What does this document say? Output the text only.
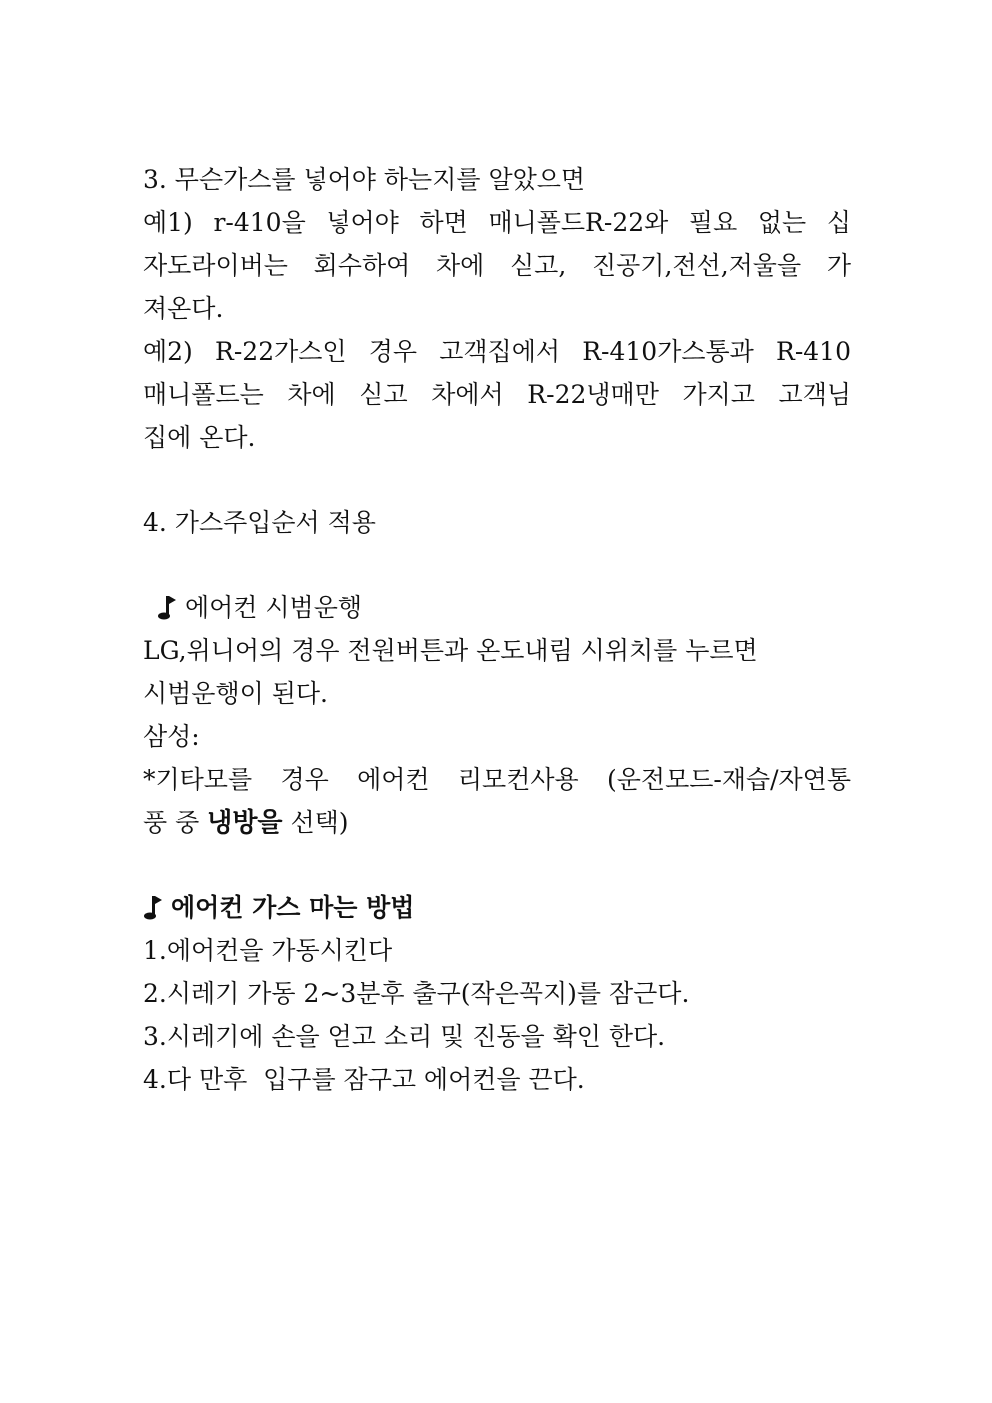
3. 무슨가스를 넣어야 하는지를 알았으면
예1) r-410을 넣어야 하면 매니폴드R-22와 필요 없는 십
자도라이버는 회수하여 차에 싣고, 진공기,전선,저울을 가
져온다.
예2) R-22가스인 경우 고객집에서 R-410가스통과 R-410
매니폴드는 차에 싣고 차에서 R-22냉매만 가지고 고객님
집에 온다.
4. 가스주입순서 적용
에어컨 시범운행
LG,위니어의 경우 전원버튼과 온도내림 시위치를 누르면
시범운행이 된다.
삼성:
*기타모를 경우 에어컨 리모컨사용 (운전모드-재습/자연통
풍 중 냉방을 선택)
에어컨 가스 마는 방법
1.에어컨을 가동시킨다
2.시레기 가동 2~3분후 출구(작은꼭지)를 잠근다.
3.시레기에 손을 얻고 소리 및 진동을 확인 한다.
4.다 만후  입구를 잠구고 에어컨을 끈다.
